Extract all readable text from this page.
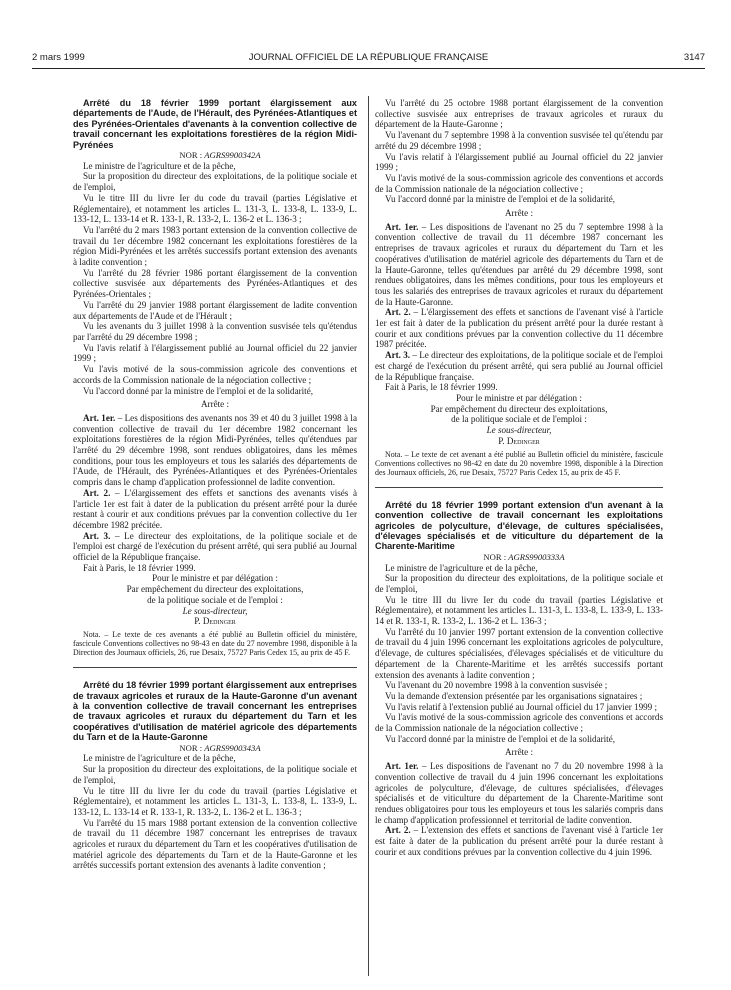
2 mars 1999	JOURNAL OFFICIEL DE LA RÉPUBLIQUE FRANÇAISE	3147

Arrêté du 18 février 1999 portant élargissement aux départements de l'Aude, de l'Hérault, des Pyrénées-Atlantiques et des Pyrénées-Orientales d'avenants à la convention collective de travail concernant les exploitations forestières de la région Midi-Pyrénées

NOR : AGRS9900342A

Le ministre de l'agriculture et de la pêche,

Sur la proposition du directeur des exploitations, de la politique sociale et de l'emploi,

Vu le titre III du livre Ier du code du travail (parties Législative et Réglementaire), et notamment les articles L. 131-3, L. 133-8, L. 133-9, L. 133-12, L. 133-14 et R. 133-1, R. 133-2, L. 136-2 et L. 136-3 ;

Vu l'arrêté du 2 mars 1983 portant extension de la convention collective de travail du 1er décembre 1982 concernant les exploitations forestières de la région Midi-Pyrénées et les arrêtés successifs portant extension des avenants à ladite convention ;

Vu l'arrêté du 28 février 1986 portant élargissement de la convention collective susvisée aux départements des Pyrénées-Atlantiques et des Pyrénées-Orientales ;

Vu l'arrêté du 29 janvier 1988 portant élargissement de ladite convention aux départements de l'Aude et de l'Hérault ;

Vu les avenants du 3 juillet 1998 à la convention susvisée tels qu'étendus par l'arrêté du 29 décembre 1998 ;

Vu l'avis relatif à l'élargissement publié au Journal officiel du 22 janvier 1999 ;

Vu l'avis motivé de la sous-commission agricole des conventions et accords de la Commission nationale de la négociation collective ;

Vu l'accord donné par la ministre de l'emploi et de la solidarité,

Arrête :

Art. 1er. – Les dispositions des avenants nos 39 et 40 du 3 juillet 1998 à la convention collective de travail du 1er décembre 1982 concernant les exploitations forestières de la région Midi-Pyrénées, telles qu'étendues par l'arrêté du 29 décembre 1998, sont rendues obligatoires, dans les mêmes conditions, pour tous les employeurs et tous les salariés des départements de l'Aude, de l'Hérault, des Pyrénées-Atlantiques et des Pyrénées-Orientales compris dans le champ d'application professionnel de ladite convention.

Art. 2. – L'élargissement des effets et sanctions des avenants visés à l'article 1er est fait à dater de la publication du présent arrêté pour la durée restant à courir et aux conditions prévues par la convention collective du 1er décembre 1982 précitée.

Art. 3. – Le directeur des exploitations, de la politique sociale et de l'emploi est chargé de l'exécution du présent arrêté, qui sera publié au Journal officiel de la République française.

Fait à Paris, le 18 février 1999.

Pour le ministre et par délégation :

Par empêchement du directeur des exploitations,

de la politique sociale et de l'emploi :

Le sous-directeur,

P. Dedinger

Nota. – Le texte de ces avenants a été publié au Bulletin officiel du ministère, fascicule Conventions collectives no 98-43 en date du 27 novembre 1998, disponible à la Direction des Journaux officiels, 26, rue Desaix, 75727 Paris Cedex 15, au prix de 45 F.

Arrêté du 18 février 1999 portant élargissement aux entreprises de travaux agricoles et ruraux de la Haute-Garonne d'un avenant à la convention collective de travail concernant les entreprises de travaux agricoles et ruraux du département du Tarn et les coopératives d'utilisation de matériel agricole des départements du Tarn et de la Haute-Garonne

NOR : AGRS9900343A

Le ministre de l'agriculture et de la pêche,

Sur la proposition du directeur des exploitations, de la politique sociale et de l'emploi,

Vu le titre III du livre Ier du code du travail (parties Législative et Réglementaire), et notamment les articles L. 131-3, L. 133-8, L. 133-9, L. 133-12, L. 133-14 et R. 133-1, R. 133-2, L. 136-2 et L. 136-3 ;

Vu l'arrêté du 15 mars 1988 portant extension de la convention collective de travail du 11 décembre 1987 concernant les entreprises de travaux agricoles et ruraux du département du Tarn et les coopératives d'utilisation de matériel agricole des départements du Tarn et de la Haute-Garonne et les arrêtés successifs portant extension des avenants à ladite convention ;

Vu l'arrêté du 25 octobre 1988 portant élargissement de la convention collective susvisée aux entreprises de travaux agricoles et ruraux du département de la Haute-Garonne ;

Vu l'avenant du 7 septembre 1998 à la convention susvisée tel qu'étendu par arrêté du 29 décembre 1998 ;

Vu l'avis relatif à l'élargissement publié au Journal officiel du 22 janvier 1999 ;

Vu l'avis motivé de la sous-commission agricole des conventions et accords de la Commission nationale de la négociation collective ;

Vu l'accord donné par la ministre de l'emploi et de la solidarité,

Arrête :

Art. 1er. – Les dispositions de l'avenant no 25 du 7 septembre 1998 à la convention collective de travail du 11 décembre 1987 concernant les entreprises de travaux agricoles et ruraux du département du Tarn et les coopératives d'utilisation de matériel agricole des départements du Tarn et de la Haute-Garonne, telles qu'étendues par arrêté du 29 décembre 1998, sont rendues obligatoires, dans les mêmes conditions, pour tous les employeurs et tous les salariés des entreprises de travaux agricoles et ruraux du département de la Haute-Garonne.

Art. 2. – L'élargissement des effets et sanctions de l'avenant visé à l'article 1er est fait à dater de la publication du présent arrêté pour la durée restant à courir et aux conditions prévues par la convention collective du 11 décembre 1987 précitée.

Art. 3. – Le directeur des exploitations, de la politique sociale et de l'emploi est chargé de l'exécution du présent arrêté, qui sera publié au Journal officiel de la République française.

Fait à Paris, le 18 février 1999.

Pour le ministre et par délégation :

Par empêchement du directeur des exploitations,

de la politique sociale et de l'emploi :

Le sous-directeur,

P. Dedinger

Nota. – Le texte de cet avenant a été publié au Bulletin officiel du ministère, fascicule Conventions collectives no 98-42 en date du 20 novembre 1998, disponible à la Direction des Journaux officiels, 26, rue Desaix, 75727 Paris Cedex 15, au prix de 45 F.

Arrêté du 18 février 1999 portant extension d'un avenant à la convention collective de travail concernant les exploitations agricoles de polyculture, d'élevage, de cultures spécialisées, d'élevages spécialisés et de viticulture du département de la Charente-Maritime

NOR : AGRS9900333A

Le ministre de l'agriculture et de la pêche,

Sur la proposition du directeur des exploitations, de la politique sociale et de l'emploi,

Vu le titre III du livre Ier du code du travail (parties Législative et Réglementaire), et notamment les articles L. 131-3, L. 133-8, L. 133-9, L. 133-14 et R. 133-1, R. 133-2, L. 136-2 et L. 136-3 ;

Vu l'arrêté du 10 janvier 1997 portant extension de la convention collective de travail du 4 juin 1996 concernant les exploitations agricoles de polyculture, d'élevage, de cultures spécialisées, d'élevages spécialisés et de viticulture du département de la Charente-Maritime et les arrêtés successifs portant extension des avenants à ladite convention ;

Vu l'avenant du 20 novembre 1998 à la convention susvisée ;

Vu la demande d'extension présentée par les organisations signataires ;

Vu l'avis relatif à l'extension publié au Journal officiel du 17 janvier 1999 ;

Vu l'avis motivé de la sous-commission agricole des conventions et accords de la Commission nationale de la négociation collective ;

Vu l'accord donné par la ministre de l'emploi et de la solidarité,

Arrête :

Art. 1er. – Les dispositions de l'avenant no 7 du 20 novembre 1998 à la convention collective de travail du 4 juin 1996 concernant les exploitations agricoles de polyculture, d'élevage, de cultures spécialisées, d'élevages spécialisés et de viticulture du département de la Charente-Maritime sont rendues obligatoires pour tous les employeurs et tous les salariés compris dans le champ d'application professionnel et territorial de ladite convention.

Art. 2. – L'extension des effets et sanctions de l'avenant visé à l'article 1er est faite à dater de la publication du présent arrêté pour la durée restant à courir et aux conditions prévues par la convention collective du 4 juin 1996.
